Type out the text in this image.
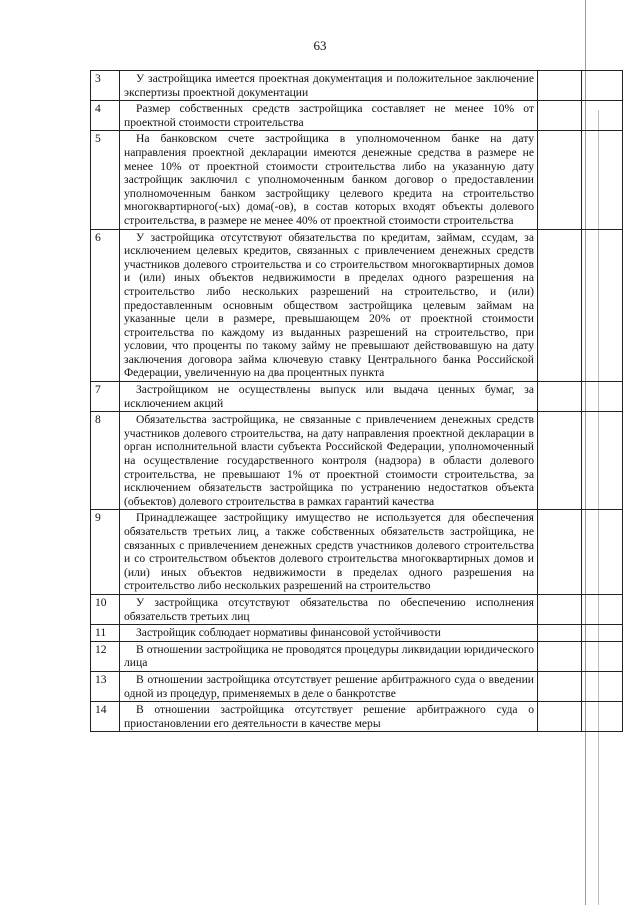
63
3	У застройщика имеется проектная документация и положительное заключение экспертизы проектной документации		
4	Размер собственных средств застройщика составляет не менее 10% от проектной стоимости строительства		
5	На банковском счете застройщика в уполномоченном банке на дату направления проектной декларации имеются денежные средства в размере не менее 10% от проектной стоимости строительства либо на указанную дату застройщик заключил с уполномоченным банком договор о предоставлении уполномоченным банком застройщику целевого кредита на строительство многоквартирного(-ых) дома(-ов), в состав которых входят объекты долевого строительства, в размере не менее 40% от проектной стоимости строительства		
6	У застройщика отсутствуют обязательства по кредитам, займам, ссудам, за исключением целевых кредитов, связанных с привлечением денежных средств участников долевого строительства и со строительством многоквартирных домов и (или) иных объектов недвижимости в пределах одного разрешения на строительство либо нескольких разрешений на строительство, и (или) предоставленным основным обществом застройщика целевым займам на указанные цели в размере, превышающем 20% от проектной стоимости строительства по каждому из выданных разрешений на строительство, при условии, что проценты по такому займу не превышают действовавшую на дату заключения договора займа ключевую ставку Центрального банка Российской Федерации, увеличенную на два процентных пункта		
7	Застройщиком не осуществлены выпуск или выдача ценных бумаг, за исключением акций		
8	Обязательства застройщика, не связанные с привлечением денежных средств участников долевого строительства, на дату направления проектной декларации в орган исполнительной власти субъекта Российской Федерации, уполномоченный на осуществление государственного контроля (надзора) в области долевого строительства, не превышают 1% от проектной стоимости строительства, за исключением обязательств застройщика по устранению недостатков объекта (объектов) долевого строительства в рамках гарантий качества		
9	Принадлежащее застройщику имущество не используется для обеспечения обязательств третьих лиц, а также собственных обязательств застройщика, не связанных с привлечением денежных средств участников долевого строительства и со строительством объектов долевого строительства многоквартирных домов и (или) иных объектов недвижимости в пределах одного разрешения на строительство либо нескольких разрешений на строительство		
10	У застройщика отсутствуют обязательства по обеспечению исполнения обязательств третьих лиц		
11	Застройщик соблюдает нормативы финансовой устойчивости		
12	В отношении застройщика не проводятся процедуры ликвидации юридического лица		
13	В отношении застройщика отсутствует решение арбитражного суда о введении одной из процедур, применяемых в деле о банкротстве		
14	В отношении застройщика отсутствует решение арбитражного суда о приостановлении его деятельности в качестве меры		
